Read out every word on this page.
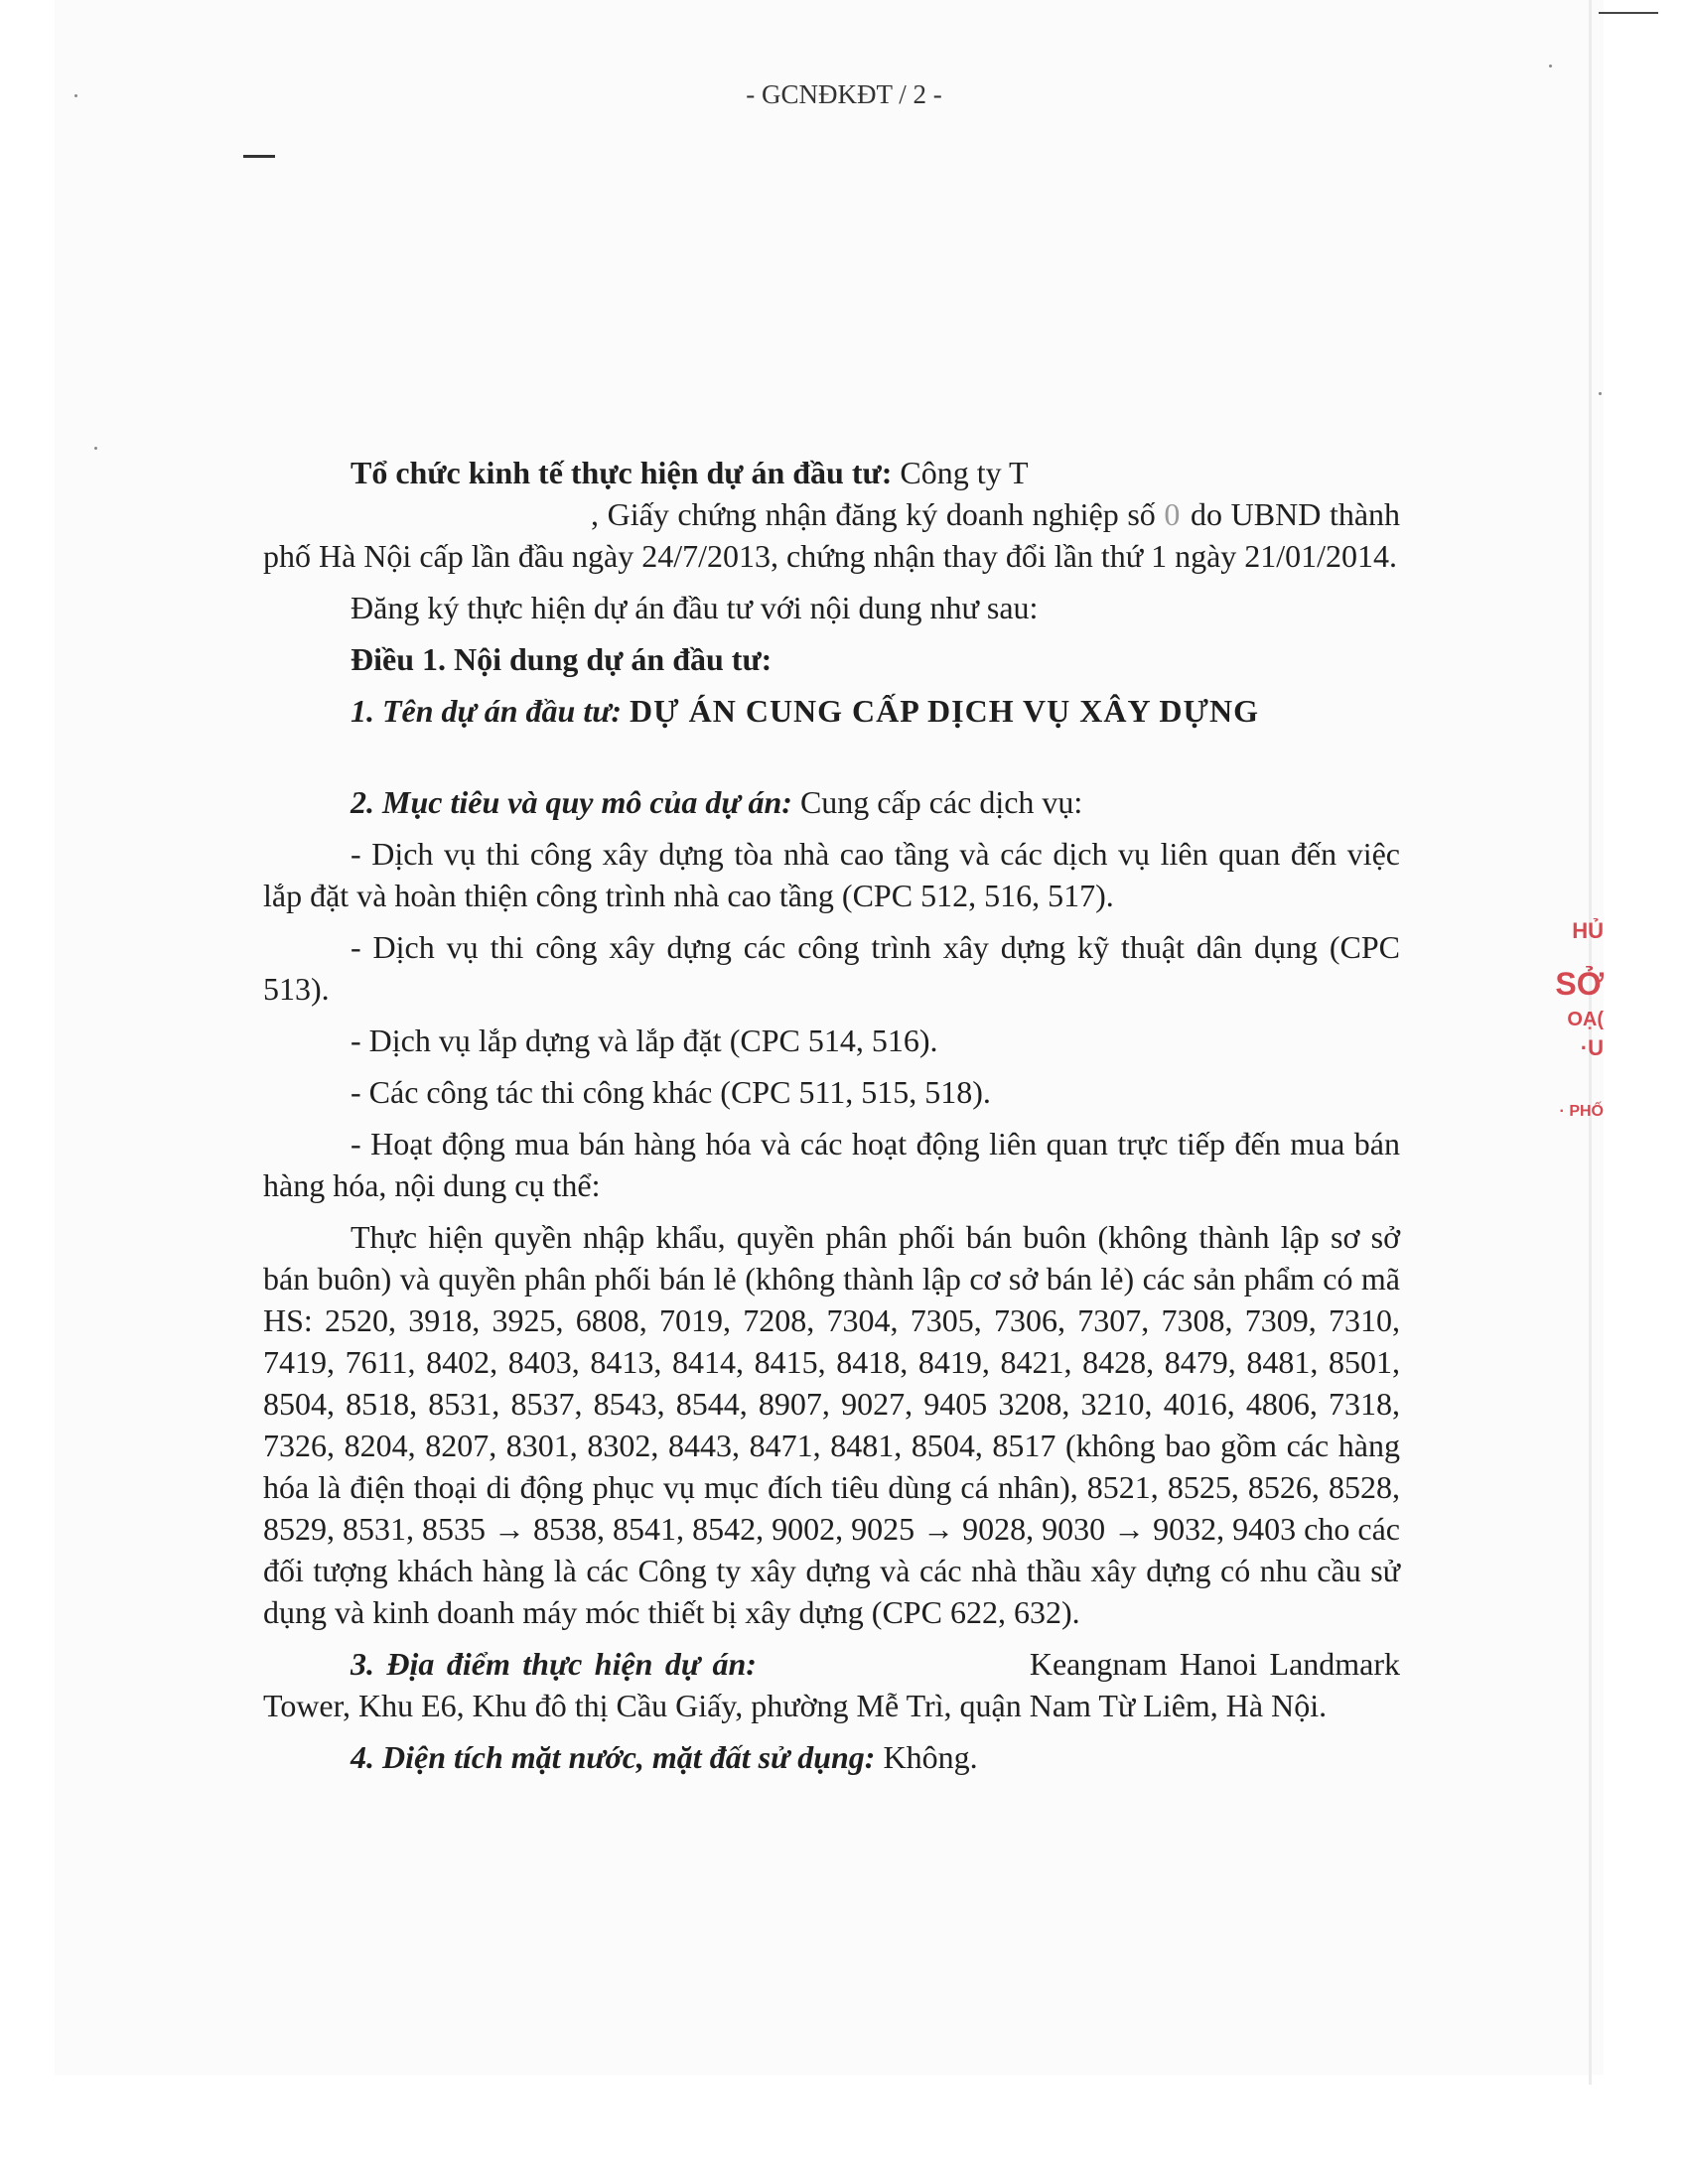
- GCNĐKĐT / 2 -

Tổ chức kinh tế thực hiện dự án đầu tư: Công ty T
, Giấy chứng nhận đăng ký doanh nghiệp số 0 do UBND thành phố Hà Nội cấp lần đầu ngày 24/7/2013, chứng nhận thay đổi lần thứ 1 ngày 21/01/2014.

Đăng ký thực hiện dự án đầu tư với nội dung như sau:

Điều 1. Nội dung dự án đầu tư:

1. Tên dự án đầu tư: DỰ ÁN CUNG CẤP DỊCH VỤ XÂY DỰNG

2. Mục tiêu và quy mô của dự án: Cung cấp các dịch vụ:

- Dịch vụ thi công xây dựng tòa nhà cao tầng và các dịch vụ liên quan đến việc lắp đặt và hoàn thiện công trình nhà cao tầng (CPC 512, 516, 517).

- Dịch vụ thi công xây dựng các công trình xây dựng kỹ thuật dân dụng (CPC 513).

- Dịch vụ lắp dựng và lắp đặt (CPC 514, 516).

- Các công tác thi công khác (CPC 511, 515, 518).

- Hoạt động mua bán hàng hóa và các hoạt động liên quan trực tiếp đến mua bán hàng hóa, nội dung cụ thể:

Thực hiện quyền nhập khẩu, quyền phân phối bán buôn (không thành lập sơ sở bán buôn) và quyền phân phối bán lẻ (không thành lập cơ sở bán lẻ) các sản phẩm có mã HS: 2520, 3918, 3925, 6808, 7019, 7208, 7304, 7305, 7306, 7307, 7308, 7309, 7310, 7419, 7611, 8402, 8403, 8413, 8414, 8415, 8418, 8419, 8421, 8428, 8479, 8481, 8501, 8504, 8518, 8531, 8537, 8543, 8544, 8907, 9027, 9405 3208, 3210, 4016, 4806, 7318, 7326, 8204, 8207, 8301, 8302, 8443, 8471, 8481, 8504, 8517 (không bao gồm các hàng hóa là điện thoại di động phục vụ mục đích tiêu dùng cá nhân), 8521, 8525, 8526, 8528, 8529, 8531, 8535 → 8538, 8541, 8542, 9002, 9025 → 9028, 9030 → 9032, 9403 cho các đối tượng khách hàng là các Công ty xây dựng và các nhà thầu xây dựng có nhu cầu sử dụng và kinh doanh máy móc thiết bị xây dựng (CPC 622, 632).

3. Địa điểm thực hiện dự án:	Keangnam Hanoi Landmark Tower, Khu E6, Khu đô thị Cầu Giấy, phường Mễ Trì, quận Nam Từ Liêm, Hà Nội.

4. Diện tích mặt nước, mặt đất sử dụng: Không.

HỦ
SỞ
OẠ(
·U
· PHỐ
